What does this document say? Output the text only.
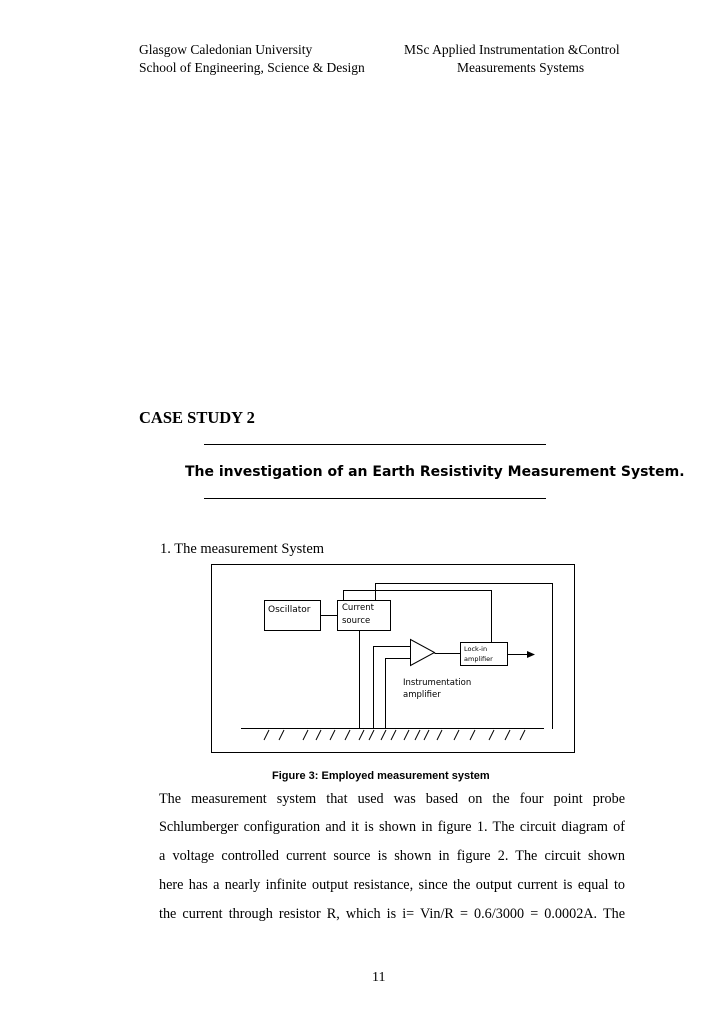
Glasgow Caledonian University
School of Engineering, Science & Design
MSc Applied Instrumentation &Control
Measurements Systems
CASE STUDY 2
The investigation of an Earth Resistivity Measurement System.
1. The measurement System
Oscillator	Current
source
Lock-in
amplifier
Instrumentation
amplifier
Figure 3: Employed measurement system
The measurement system that used was based on the four point probe
Schlumberger configuration and it is shown in figure 1. The circuit diagram of
a voltage controlled current source is shown in figure 2. The circuit shown
here has a nearly infinite output resistance, since the output current is equal to
the current through resistor R, which is i= Vin/R = 0.6/3000 = 0.0002A. The
11
